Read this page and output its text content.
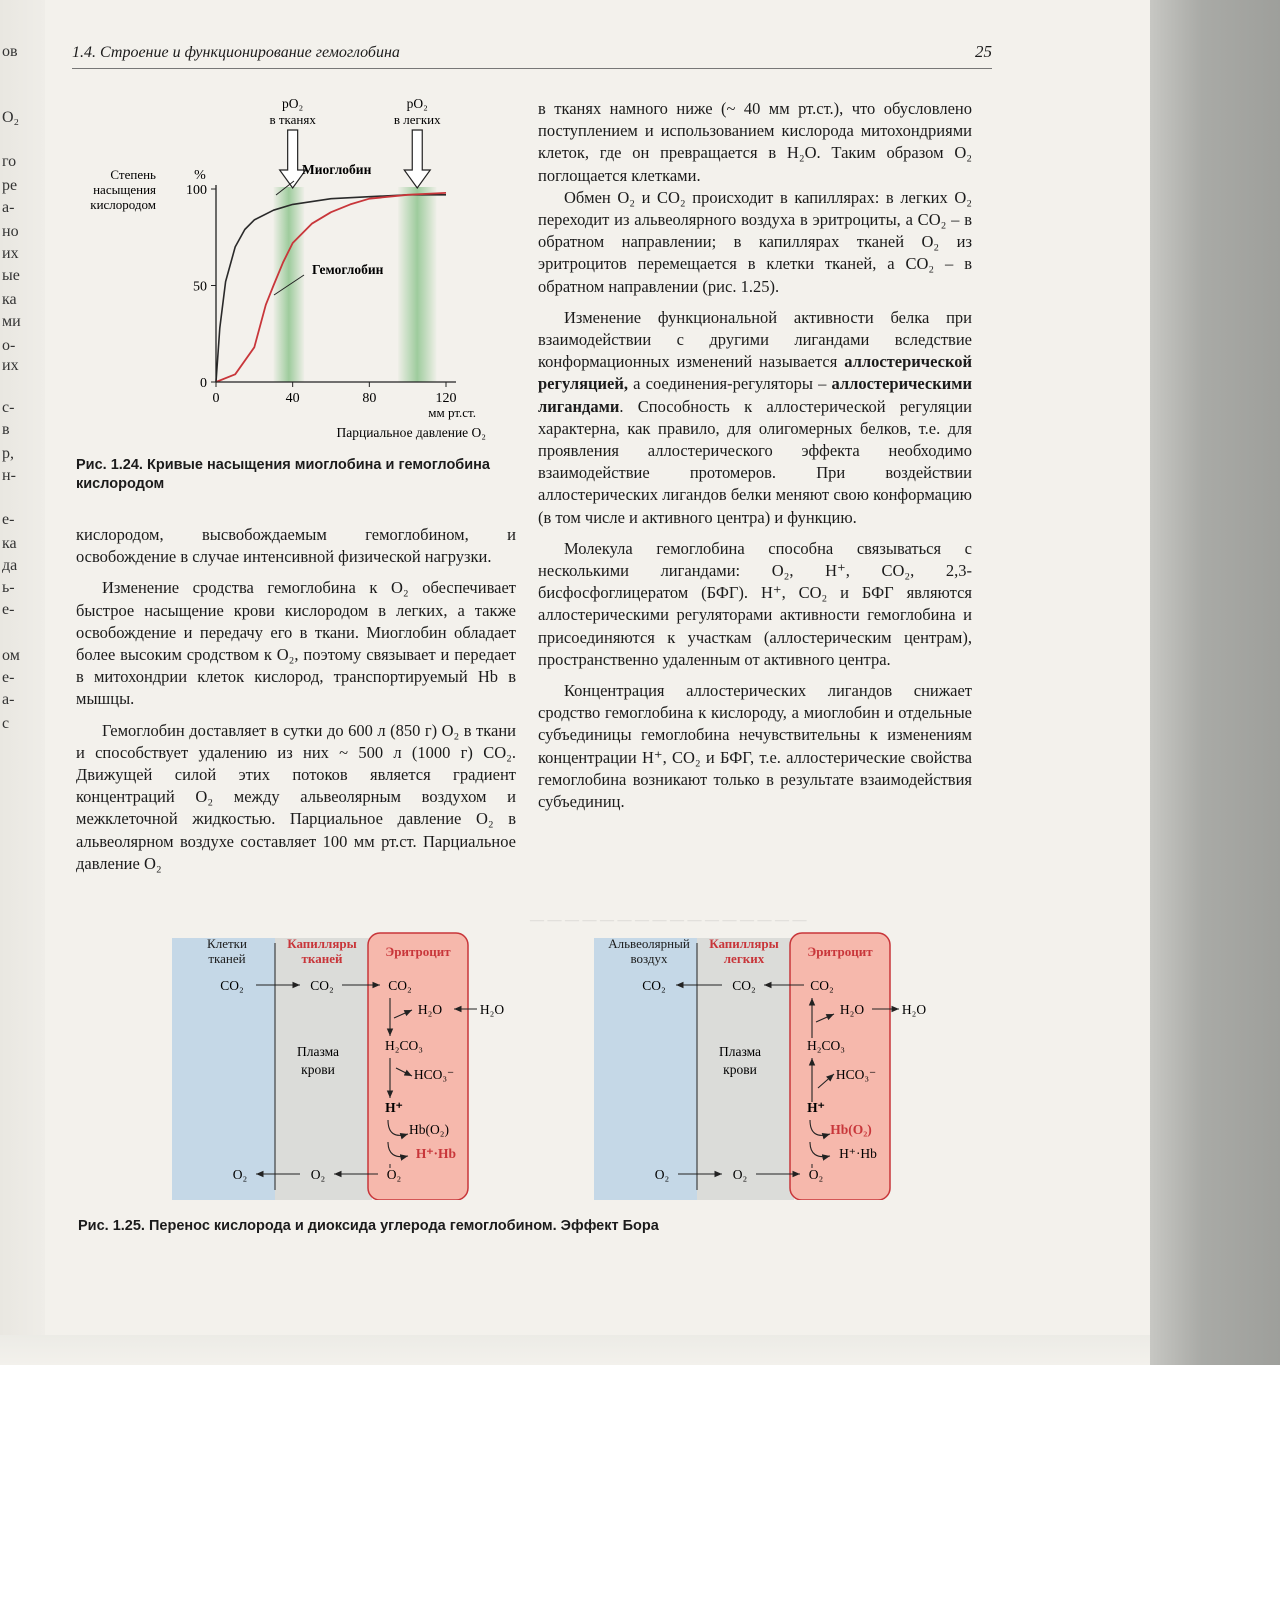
ов
O₂
го
ре
а-
но
их
ые
ка
ми
о-
их
с-
в
р,
н-
е-
ка
да
ь-
е-
ом
е-
а-
с
1.4. Строение и функционирование гемоглобина	25
— — — — — — — — — — — — — — — —
0	40	80	120
0
50
100
Степень насыщения кислородом
%
мм рт.ст.
Парциальное давление O₂
pO₂
в тканях
pO₂
в легких
Миоглобин
Гемоглобин
Рис. 1.24. Кривые насыщения миоглобина и гемоглобина кислородом

кислородом, высвобождаемым гемоглобином, и освобождение в случае интенсивной физической нагрузки.

Изменение сродства гемоглобина к O₂ обеспечивает быстрое насыщение крови кислородом в легких, а также освобождение и передачу его в ткани. Миоглобин обладает более высоким сродством к O₂, поэтому связывает и передает в митохондрии клеток кислород, транспортируемый Hb в мышцы.

Гемоглобин доставляет в сутки до 600 л (850 г) O₂ в ткани и способствует удалению из них ~ 500 л (1000 г) CO₂. Движущей силой этих потоков является градиент концентраций O₂ между альвеолярным воздухом и межклеточной жидкостью. Парциальное давление O₂ в альвеолярном воздухе составляет 100 мм рт.ст. Парциальное давление O₂

в тканях намного ниже (~ 40 мм рт.ст.), что обусловлено поступлением и использованием кислорода митохондриями клеток, где он превращается в H₂O. Таким образом O₂ поглощается клетками.

Обмен O₂ и CO₂ происходит в капиллярах: в легких O₂ переходит из альвеолярного воздуха в эритроциты, а CO₂ – в обратном направлении; в капиллярах тканей O₂ из эритроцитов перемещается в клетки тканей, а CO₂ – в обратном направлении (рис. 1.25).

Изменение функциональной активности белка при взаимодействии с другими лигандами вследствие конформационных изменений называется аллостерической регуляцией, а соединения-регуляторы – аллостерическими лигандами. Способность к аллостерической регуляции характерна, как правило, для олигомерных белков, т.е. для проявления аллостерического эффекта необходимо взаимодействие протомеров. При воздействии аллостерических лигандов белки меняют свою конформацию (в том числе и активного центра) и функцию.

Молекула гемоглобина способна связываться с несколькими лигандами: O₂, H⁺, CO₂, 2,3-бисфосфоглицератом (БФГ). H⁺, CO₂ и БФГ являются аллостерическими регуляторами активности гемоглобина и присоединяются к участкам (аллостерическим центрам), пространственно удаленным от активного центра.

Концентрация аллостерических лигандов снижает сродство гемоглобина к кислороду, а миоглобин и отдельные субъединицы гемоглобина нечувствительны к изменениям концентрации H⁺, CO₂ и БФГ, т.е. аллостерические свойства гемоглобина возникают только в результате взаимодействия субъединиц.

Клетки тканей
Капилляры тканей	Эритроцит
CO₂	CO₂	CO₂
H₂O	H₂O
H₂CO₃
HCO₃⁻
H⁺
Hb(O₂)
H⁺·Hb
O₂	O₂	O₂
Плазма крови
Альвеолярный воздух
Капилляры легких	Эритроцит
CO₂	CO₂	CO₂
H₂O	H₂O
H₂CO₃
HCO₃⁻
H⁺
Hb(O₂)
H⁺·Hb
O₂	O₂	O₂
Плазма крови
Рис. 1.25. Перенос кислорода и диоксида углерода гемоглобином. Эффект Бора
